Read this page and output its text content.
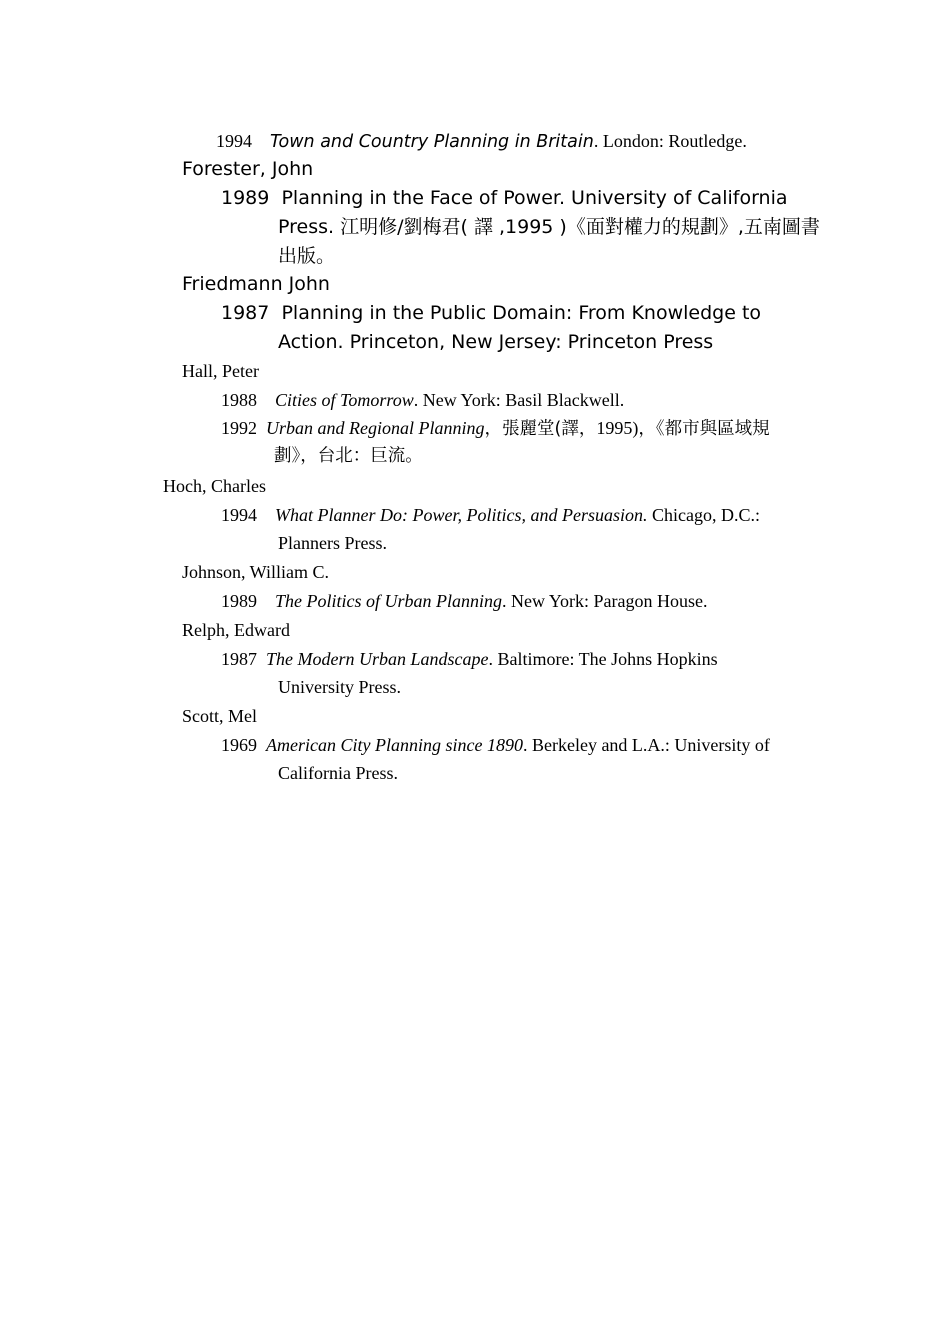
1994 Town and Country Planning in Britain. London: Routledge.
Forester, John
1989 Planning in the Face of Power. University of California
Press. 江明修/劉梅君( 譯 ,1995 )《面對權力的規劃》,五南圖書
出版。
Friedmann John
1987 Planning in the Public Domain: From Knowledge to
Action. Princeton, New Jersey: Princeton Press
Hall, Peter
1988 Cities of Tomorrow. New York: Basil Blackwell.
1992 Urban and Regional Planning，張麗堂(譯，1995)，《都市與區域規
劃》，台北：巨流。
Hoch, Charles
1994 What Planner Do: Power, Politics, and Persuasion. Chicago, D.C.:
Planners Press.
Johnson, William C.
1989 The Politics of Urban Planning. New York: Paragon House.
Relph, Edward
1987 The Modern Urban Landscape. Baltimore: The Johns Hopkins
University Press.
Scott, Mel
1969 American City Planning since 1890. Berkeley and L.A.: University of
California Press.
